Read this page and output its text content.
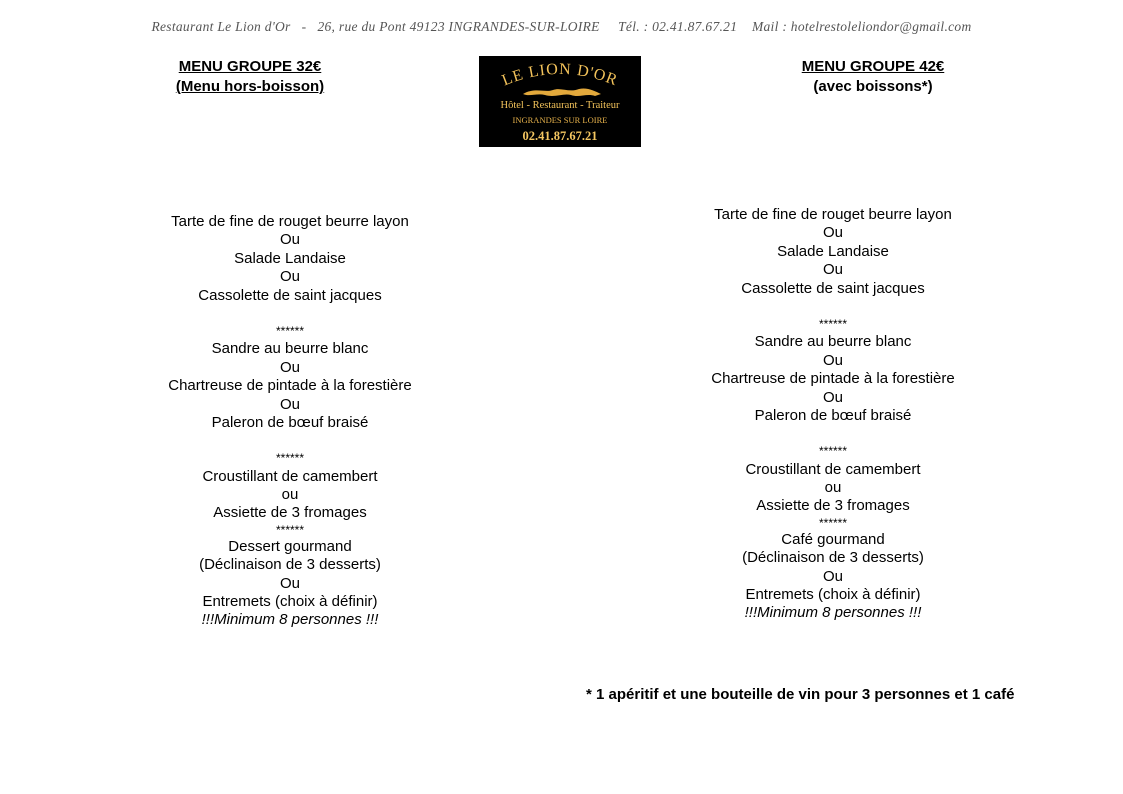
Restaurant Le Lion d'Or   -   26, rue du Pont 49123 INGRANDES-SUR-LOIRE     Tél. : 02.41.87.67.21    Mail : hotelrestoleliondor@gmail.com
MENU GROUPE 32€
(Menu hors-boisson)	LE LION D'OR
Hôtel - Restaurant - Traiteur
INGRANDES SUR LOIRE
02.41.87.67.21
MENU GROUPE 42€
(avec boissons*)
Tarte de fine de rouget beurre layon
Ou
Salade Landaise
Ou
Cassolette de saint jacques
******
Sandre au beurre blanc
Ou
Chartreuse de pintade à la forestière
Ou
Paleron de bœuf braisé
******
Croustillant de camembert
ou
Assiette de 3 fromages
******
Dessert gourmand
(Déclinaison de 3 desserts)
Ou
Entremets (choix à définir)
!!!Minimum 8 personnes !!!
Tarte de fine de rouget beurre layon
Ou
Salade Landaise
Ou
Cassolette de saint jacques
******
Sandre au beurre blanc
Ou
Chartreuse de pintade à la forestière
Ou
Paleron de bœuf braisé
******
Croustillant de camembert
ou
Assiette de 3 fromages
******
Café gourmand
(Déclinaison de 3 desserts)
Ou
Entremets (choix à définir)
!!!Minimum 8 personnes !!!
* 1 apéritif et une bouteille de vin pour 3 personnes et 1 café
